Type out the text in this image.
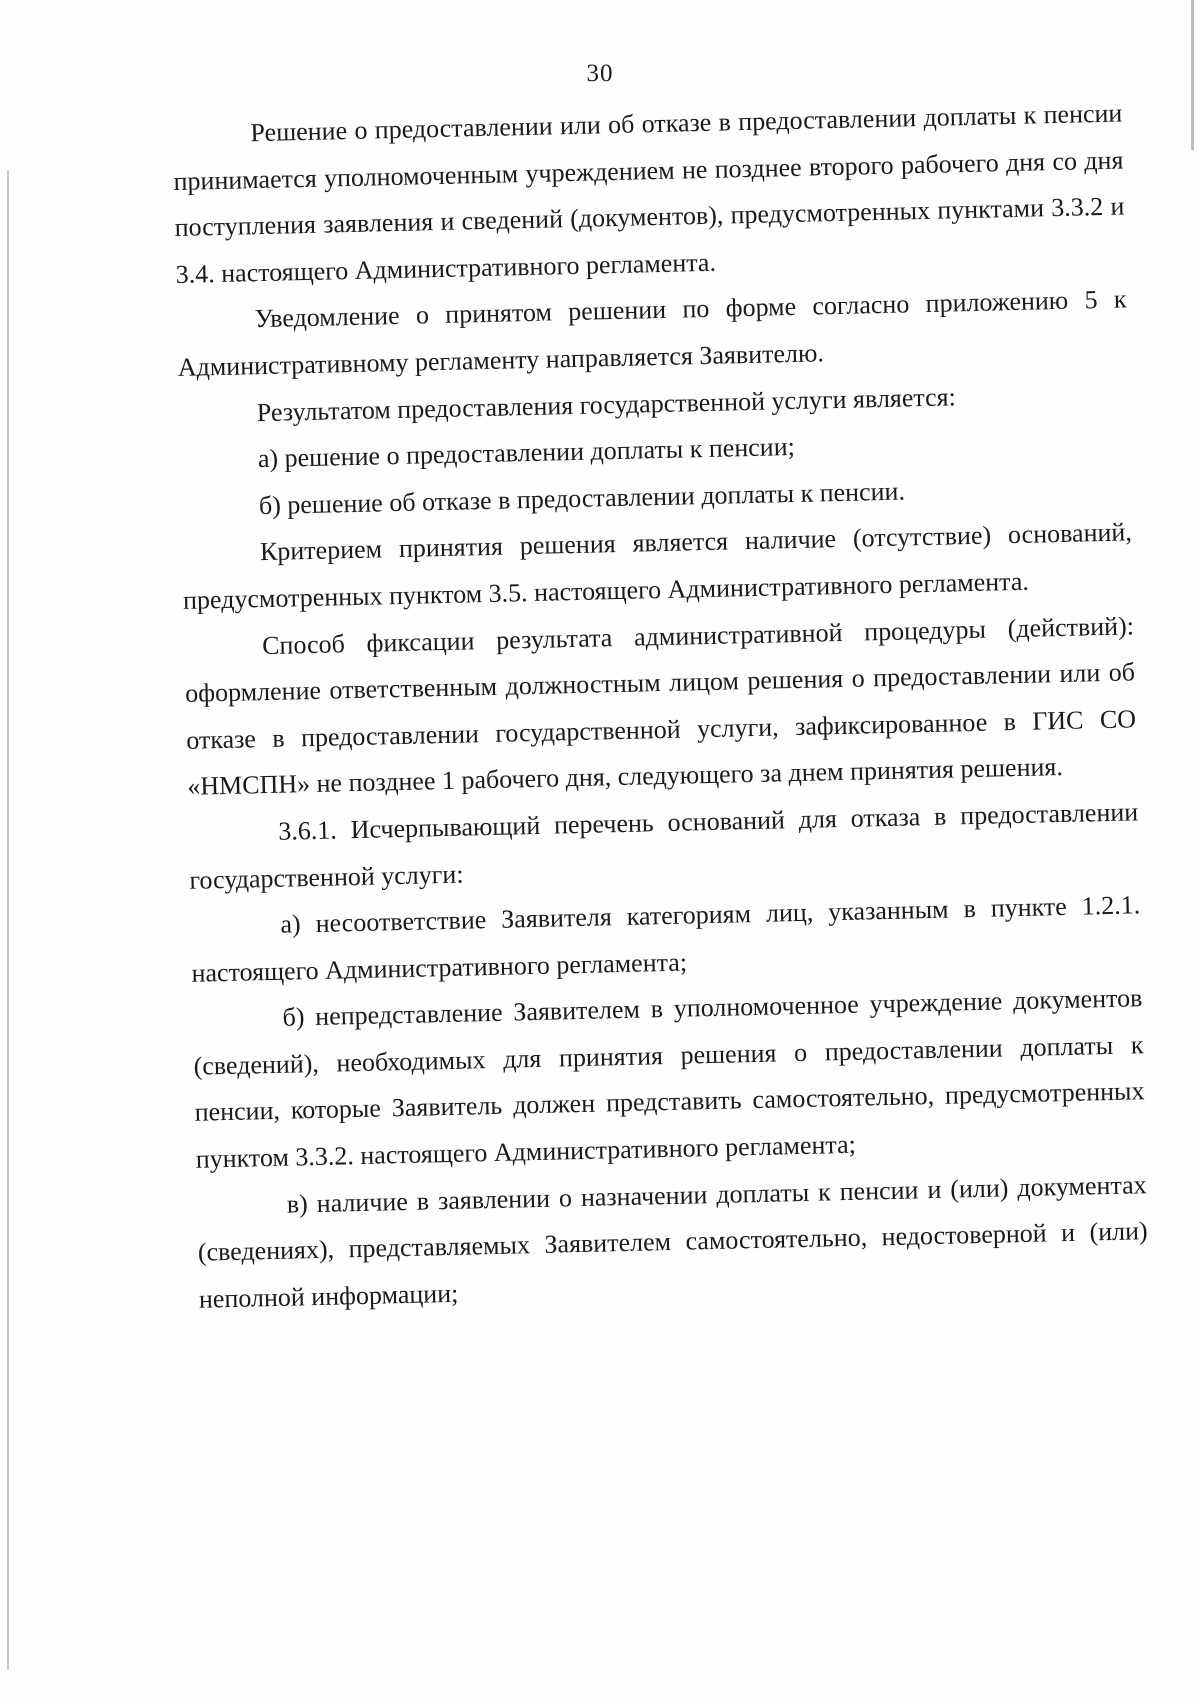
30

Решение о предоставлении или об отказе в предоставлении доплаты к пенсии принимается уполномоченным учреждением не позднее второго рабочего дня со дня поступления заявления и сведений (документов), предусмотренных пунктами 3.3.2 и 3.4. настоящего Административного регламента.

Уведомление о принятом решении по форме согласно приложению 5 к Административному регламенту направляется Заявителю.

Результатом предоставления государственной услуги является:

а) решение о предоставлении доплаты к пенсии;

б) решение об отказе в предоставлении доплаты к пенсии.

Критерием принятия решения является наличие (отсутствие) оснований, предусмотренных пунктом 3.5. настоящего Административного регламента.

Способ фиксации результата административной процедуры (действий): оформление ответственным должностным лицом решения о предоставлении или об отказе в предоставлении государственной услуги, зафиксированное в ГИС СО «НМСПН» не позднее 1 рабочего дня, следующего за днем принятия решения.

3.6.1. Исчерпывающий перечень оснований для отказа в предоставлении государственной услуги:

а) несоответствие Заявителя категориям лиц, указанным в пункте 1.2.1. настоящего Административного регламента;

б) непредставление Заявителем в уполномоченное учреждение документов (сведений), необходимых для принятия решения о предоставлении доплаты к пенсии, которые Заявитель должен представить самостоятельно, предусмотренных пунктом 3.3.2. настоящего Административного регламента;

в) наличие в заявлении о назначении доплаты к пенсии и (или) документах (сведениях), представляемых Заявителем самостоятельно, недостоверной и (или) неполной информации;
